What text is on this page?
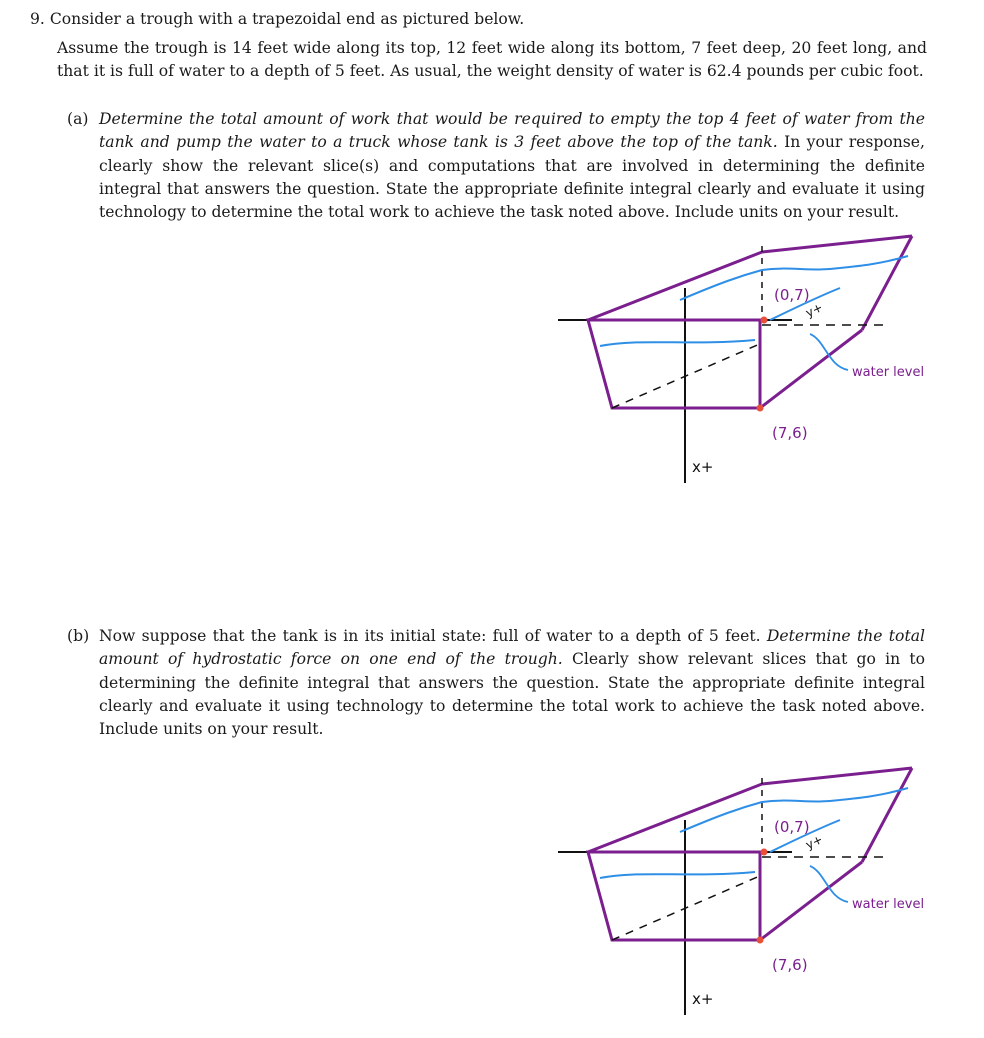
9. Consider a trough with a trapezoidal end as pictured below.
Assume the trough is 14 feet wide along its top, 12 feet wide along its bottom, 7 feet deep, 20 feet long, and that it is full of water to a depth of 5 feet. As usual, the weight density of water is 62.4 pounds per cubic foot.
(a) Determine the total amount of work that would be required to empty the top 4 feet of water from the tank and pump the water to a truck whose tank is 3 feet above the top of the tank. In your response, clearly show the relevant slice(s) and computations that are involved in determining the definite integral that answers the question. State the appropriate definite integral clearly and evaluate it using technology to determine the total work to achieve the task noted above. Include units on your result.
(0,7)
y+
(7,6)
water level
x+
(b) Now suppose that the tank is in its initial state: full of water to a depth of 5 feet. Determine the total amount of hydrostatic force on one end of the trough. Clearly show relevant slices that go in to determining the definite integral that answers the question. State the appropriate definite integral clearly and evaluate it using technology to determine the total work to achieve the task noted above. Include units on your result.
(0,7)
y+
(7,6)
water level
x+
